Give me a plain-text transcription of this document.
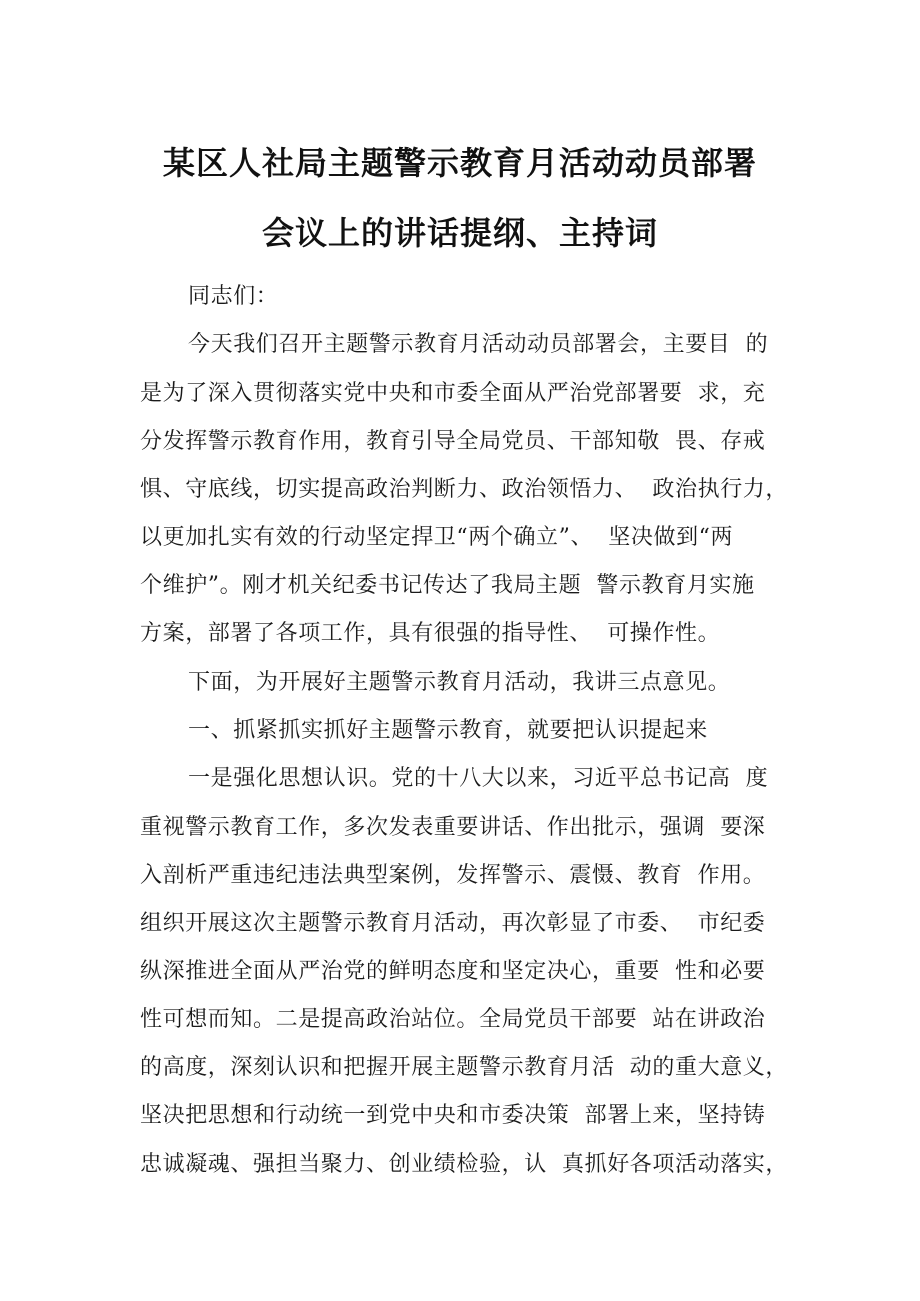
某区人社局主题警示教育月活动动员部署
会议上的讲话提纲、主持词
同志们：
今天我们召开主题警示教育月活动动员部署会，主要目  的
是为了深入贯彻落实党中央和市委全面从严治党部署要  求，充
分发挥警示教育作用，教育引导全局党员、干部知敬  畏、存戒
惧、守底线，切实提高政治判断力、政治领悟力、  政治执行力，
以更加扎实有效的行动坚定捍卫“两个确立”、  坚决做到“两
个维护”。刚才机关纪委书记传达了我局主题  警示教育月实施
方案，部署了各项工作，具有很强的指导性、  可操作性。
下面，为开展好主题警示教育月活动，我讲三点意见。
一、抓紧抓实抓好主题警示教育，就要把认识提起来
一是强化思想认识。党的十八大以来，习近平总书记高  度
重视警示教育工作，多次发表重要讲话、作出批示，强调  要深
入剖析严重违纪违法典型案例，发挥警示、震慑、教育  作用。
组织开展这次主题警示教育月活动，再次彰显了市委、  市纪委
纵深推进全面从严治党的鲜明态度和坚定决心，重要  性和必要
性可想而知。二是提高政治站位。全局党员干部要  站在讲政治
的高度，深刻认识和把握开展主题警示教育月活  动的重大意义，
坚决把思想和行动统一到党中央和市委决策  部署上来，坚持铸
忠诚凝魂、强担当聚力、创业绩检验，认  真抓好各项活动落实，
